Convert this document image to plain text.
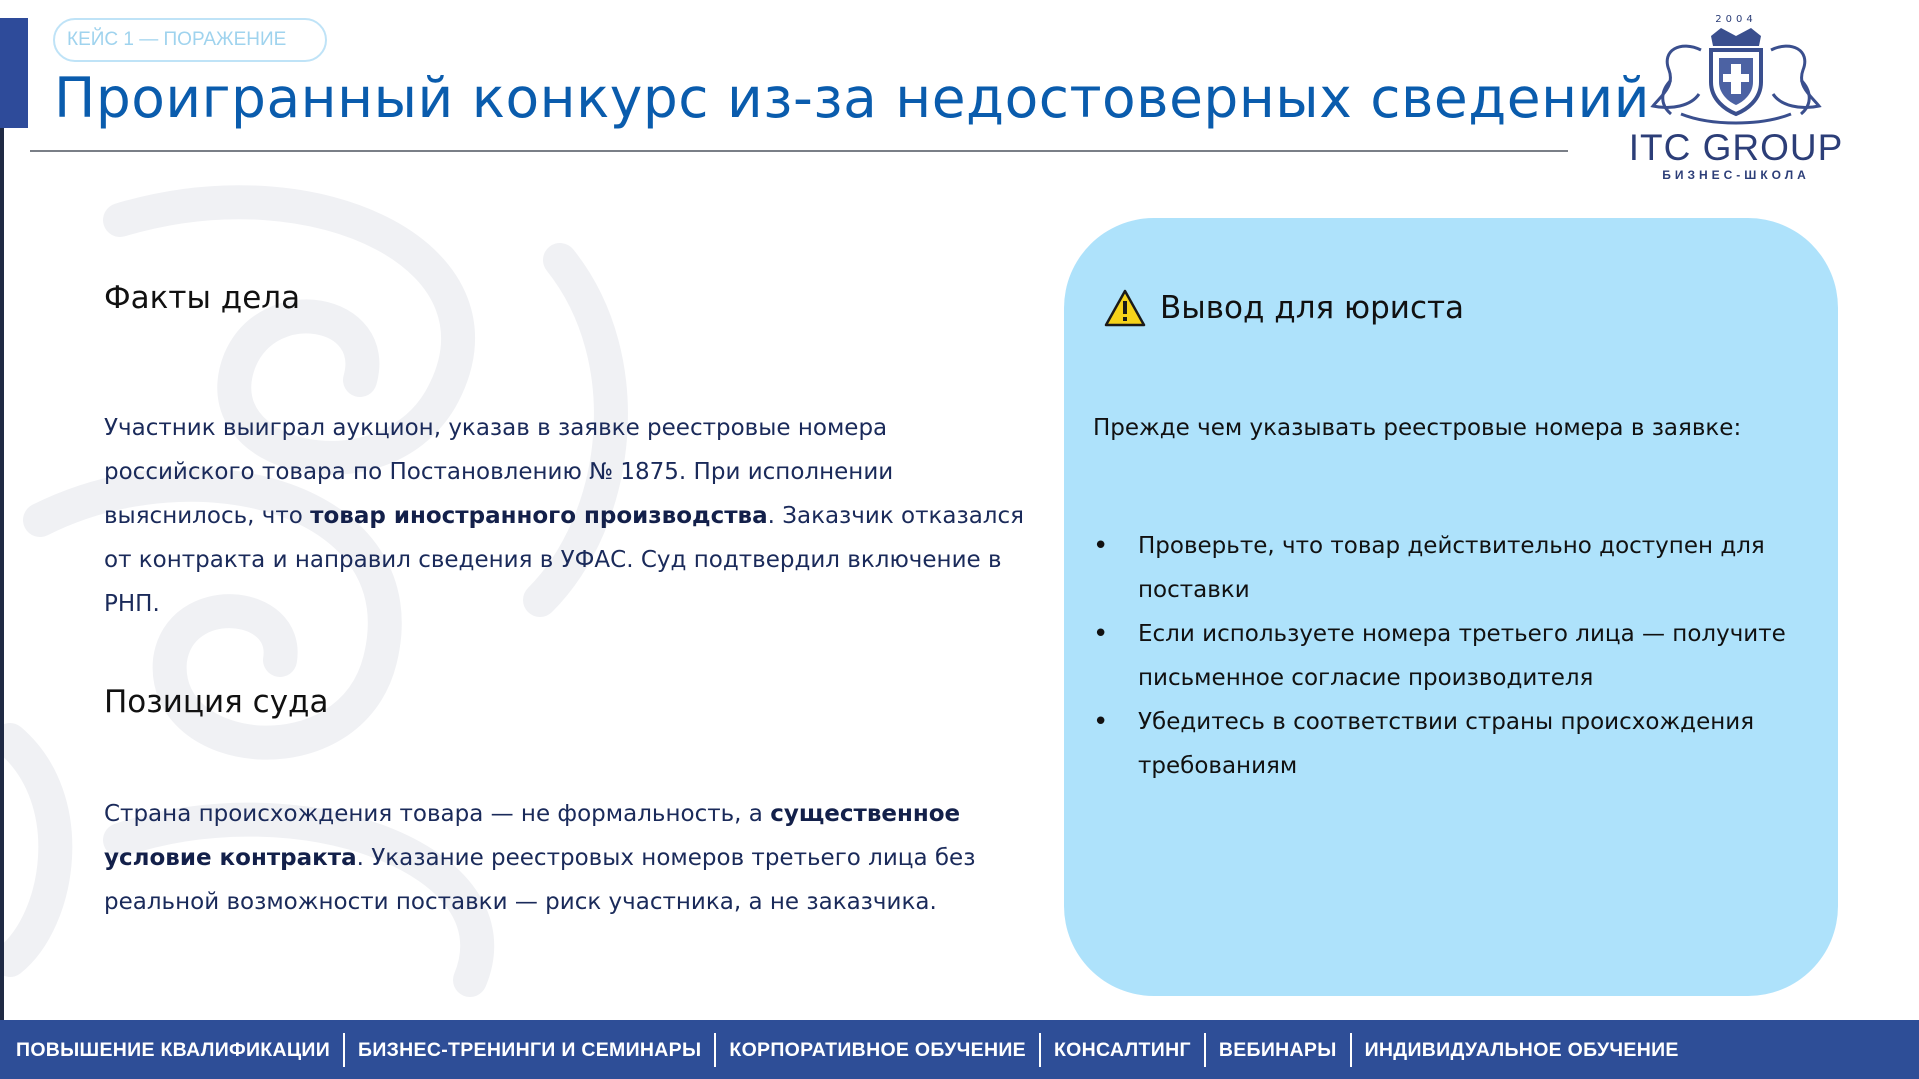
КЕЙС 1 — ПОРАЖЕНИЕ
Проигранный конкурс из-за недостоверных сведений
2004
ITC GROUP
БИЗНЕС-ШКОЛА
Факты дела

Участник выиграл аукцион, указав в заявке реестровые номера российского товара по Постановлению № 1875. При исполнении выяснилось, что товар иностранного производства. Заказчик отказался от контракта и направил сведения в УФАС. Суд подтвердил включение в РНП.

Позиция суда

Страна происхождения товара — не формальность, а существенное условие контракта. Указание реестровых номеров третьего лица без реальной возможности поставки — риск участника, а не заказчика.

Вывод для юриста

Прежде чем указывать реестровые номера в заявке:

• Проверьте, что товар действительно доступен для поставки
• Если используете номера третьего лица — получите письменное согласие производителя
• Убедитесь в соответствии страны происхождения требованиям
ПОВЫШЕНИЕ КВАЛИФИКАЦИИ	БИЗНЕС-ТРЕНИНГИ И СЕМИНАРЫ	КОРПОРАТИВНОЕ ОБУЧЕНИЕ	КОНСАЛТИНГ	ВЕБИНАРЫ	ИНДИВИДУАЛЬНОЕ ОБУЧЕНИЕ
